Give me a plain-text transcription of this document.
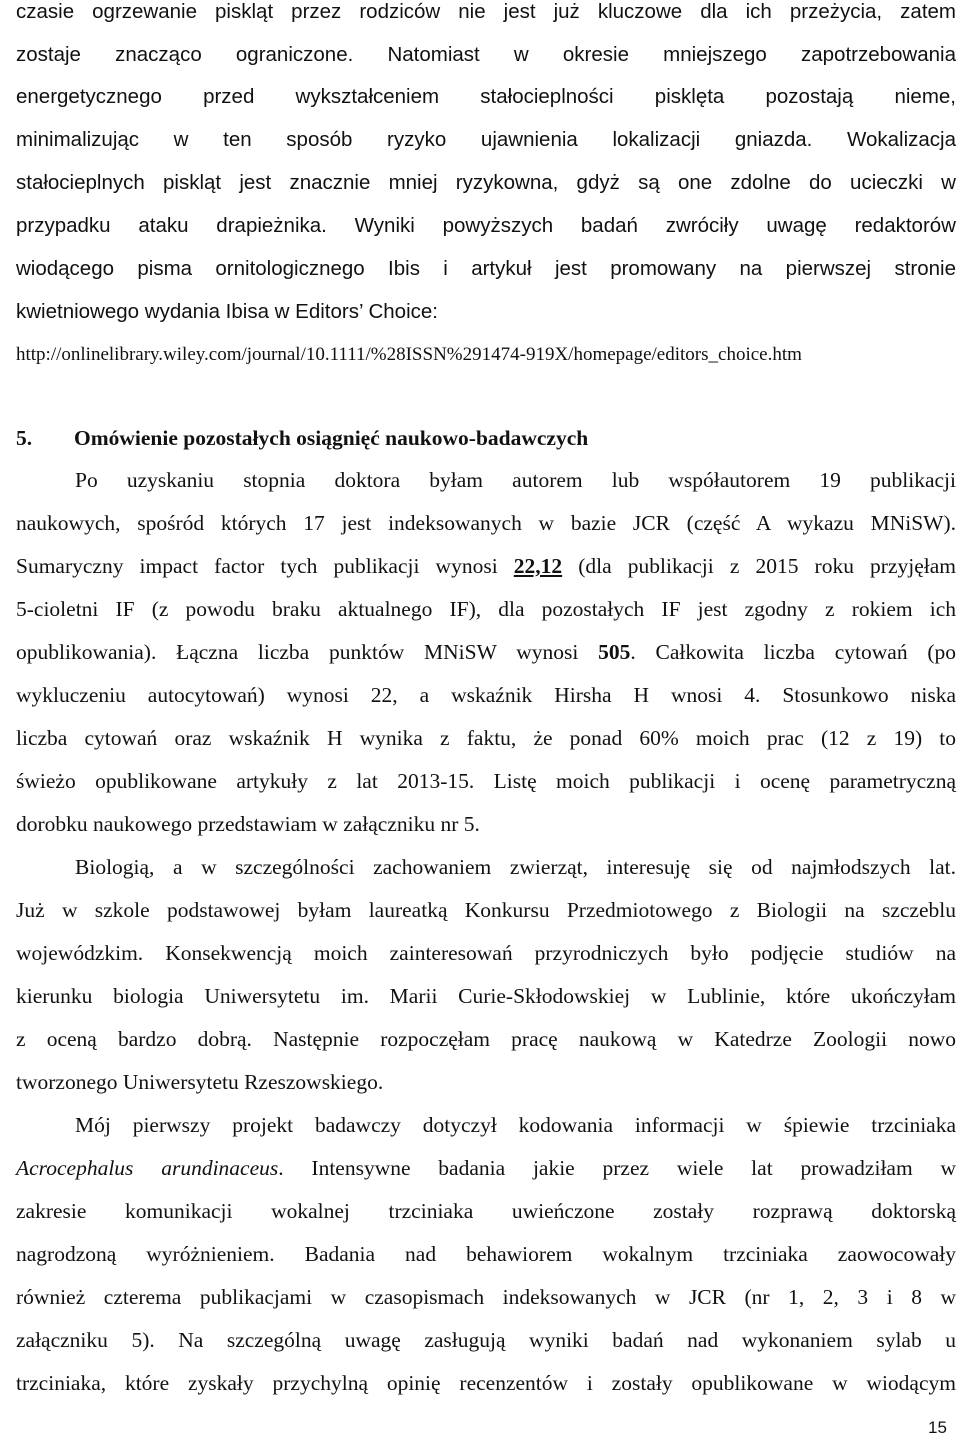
czasie ogrzewanie piskląt przez rodziców nie jest już kluczowe dla ich przeżycia, zatem
zostaje znacząco ograniczone. Natomiast w okresie mniejszego zapotrzebowania
energetycznego przed wykształceniem stałocieplności pisklęta pozostają nieme,
minimalizując w ten sposób ryzyko ujawnienia lokalizacji gniazda. Wokalizacja
stałocieplnych piskląt jest znacznie mniej ryzykowna, gdyż są one zdolne do ucieczki w
przypadku ataku drapieżnika. Wyniki powyższych badań zwróciły uwagę redaktorów
wiodącego pisma ornitologicznego Ibis i artykuł jest promowany na pierwszej stronie
kwietniowego wydania Ibisa w Editors’ Choice:
http://onlinelibrary.wiley.com/journal/10.1111/%28ISSN%291474-919X/homepage/editors_choice.htm
5. Omówienie pozostałych osiągnięć naukowo-badawczych
Po uzyskaniu stopnia doktora byłam autorem lub współautorem 19 publikacji
naukowych, spośród których 17 jest indeksowanych w bazie JCR (część A wykazu MNiSW).
Sumaryczny impact factor tych publikacji wynosi 22,12 (dla publikacji z 2015 roku przyjęłam
5-cioletni IF (z powodu braku aktualnego IF), dla pozostałych IF jest zgodny z rokiem ich
opublikowania). Łączna liczba punktów MNiSW wynosi 505. Całkowita liczba cytowań (po
wykluczeniu autocytowań) wynosi 22, a wskaźnik Hirsha H wnosi 4. Stosunkowo niska
liczba cytowań oraz wskaźnik H wynika z faktu, że ponad 60% moich prac (12 z 19) to
świeżo opublikowane artykuły z lat 2013-15. Listę moich publikacji i ocenę parametryczną
dorobku naukowego przedstawiam w załączniku nr 5.
Biologią, a w szczególności zachowaniem zwierząt, interesuję się od najmłodszych lat.
Już w szkole podstawowej byłam laureatką Konkursu Przedmiotowego z Biologii na szczeblu
wojewódzkim. Konsekwencją moich zainteresowań przyrodniczych było podjęcie studiów na
kierunku biologia Uniwersytetu im. Marii Curie-Skłodowskiej w Lublinie, które ukończyłam
z oceną bardzo dobrą. Następnie rozpoczęłam pracę naukową w Katedrze Zoologii nowo
tworzonego Uniwersytetu Rzeszowskiego.
Mój pierwszy projekt badawczy dotyczył kodowania informacji w śpiewie trzciniaka
Acrocephalus arundinaceus. Intensywne badania jakie przez wiele lat prowadziłam w
zakresie komunikacji wokalnej trzciniaka uwieńczone zostały rozprawą doktorską
nagrodzoną wyróżnieniem. Badania nad behawiorem wokalnym trzciniaka zaowocowały
również czterema publikacjami w czasopismach indeksowanych w JCR (nr 1, 2, 3 i 8 w
załączniku 5). Na szczególną uwagę zasługują wyniki badań nad wykonaniem sylab u
trzciniaka, które zyskały przychylną opinię recenzentów i zostały opublikowane w wiodącym
15
